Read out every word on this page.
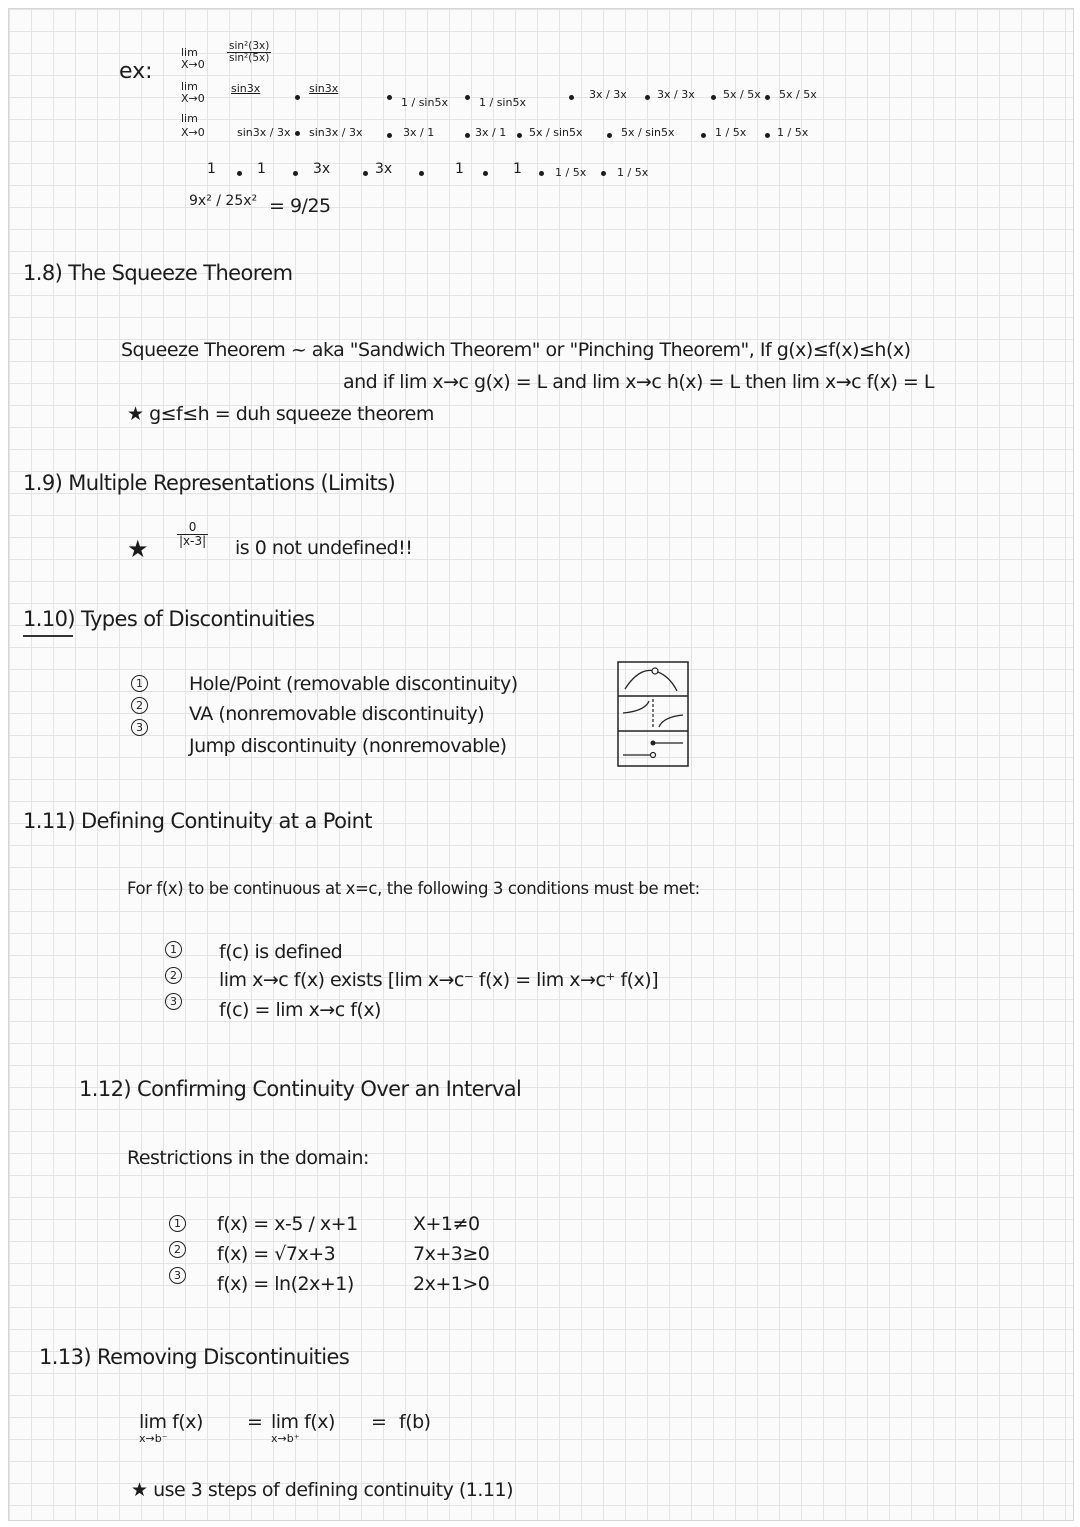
ex:
lim
X→0
lim
X→0
lim
X→0
$\frac{\text{sin²(3x)}}{\text{sin²(5x)}}$
sin3x	sin3x
1 / sin5x	1 / sin5x
3x / 3x	3x / 3x	5x / 5x 5x / 5x
sin3x / 3x sin3x / 3x	3x / 1	3x / 1 5x / sin5x	5x / sin5x	1 / 5x	1 / 5x
1	1	3x	3x	1	1	1 / 5x	1 / 5x
9x² / 25x² = 9/25
1.8) The Squeeze Theorem
Squeeze Theorem ~ aka "Sandwich Theorem" or "Pinching Theorem", If g(x)≤f(x)≤h(x)
and if lim x→c g(x) = L and lim x→c h(x) = L then lim x→c f(x) = L
★ g≤f≤h = duh squeeze theorem
1.9) Multiple Representations (Limits)
★
$\frac{0}{|x-3|}$ is 0 not undefined!!
1.10) Types of Discontinuities
1 Hole/Point (removable discontinuity)
2 VA (nonremovable discontinuity)
3
Jump discontinuity (nonremovable)
1.11) Defining Continuity at a Point
For f(x) to be continuous at x=c, the following 3 conditions must be met:
1 f(c) is defined
2 lim x→c f(x) exists [lim x→c⁻ f(x) = lim x→c⁺ f(x)]
3 f(c) = lim x→c f(x)
1.12) Confirming Continuity Over an Interval
Restrictions in the domain:
1 f(x) = x-5 / x+1	X+1≠0
2 f(x) = √7x+3	7x+3≥0
3 f(x) = ln(2x+1)	2x+1>0
1.13) Removing Discontinuities
lim f(x)
x→b⁻
= lim f(x)
x→b⁺
= f(b)
★ use 3 steps of defining continuity (1.11)
